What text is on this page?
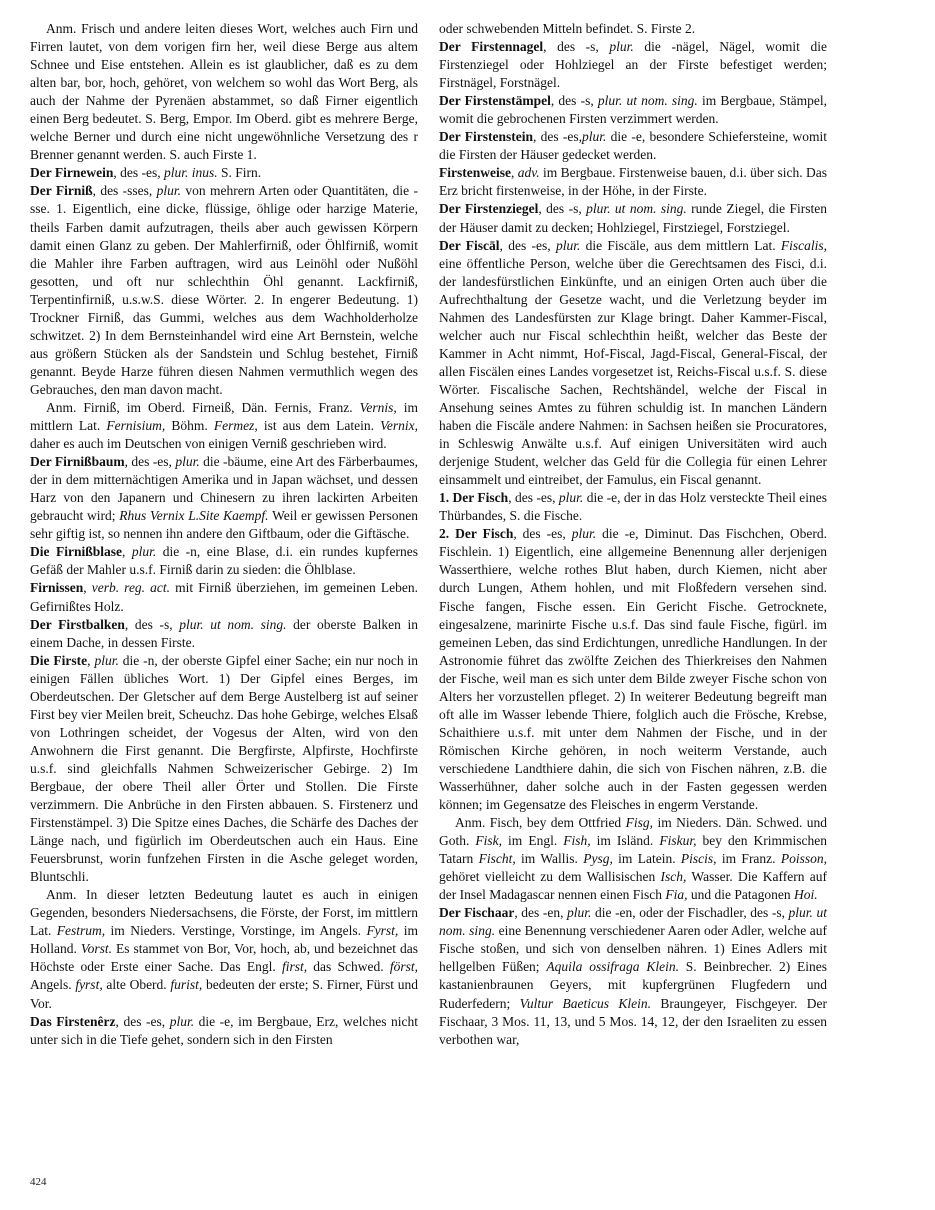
Anm. Frisch und andere leiten dieses Wort, welches auch Firn und Firren lautet, von dem vorigen firn her, weil diese Berge aus altem Schnee und Eise entstehen. Allein es ist glaublicher, daß es zu dem alten bar, bor, hoch, gehöret, von welchem so wohl das Wort Berg, als auch der Nahme der Pyrenäen abstammet, so daß Firner eigentlich einen Berg bedeutet. S. Berg, Empor. Im Oberd. gibt es mehrere Berge, welche Berner und durch eine nicht ungewöhnliche Versetzung des r Brenner genannt werden. S. auch Firste 1.

Der Firnewein, des -es, plur. inus. S. Firn.

Der Firniß, des -sses, plur. von mehrern Arten oder Quantitäten, die -sse. 1. Eigentlich, eine dicke, flüssige, öhlige oder harzige Materie, theils Farben damit aufzutragen, theils aber auch gewissen Körpern damit einen Glanz zu geben. Der Mahlerfirniß, oder Öhlfirniß, womit die Mahler ihre Farben auftragen, wird aus Leinöhl oder Nußöhl gesotten, und oft nur schlechthin Öhl genannt. Lackfirniß, Terpentinfirniß, u.s.w.S. diese Wörter. 2. In engerer Bedeutung. 1) Trockner Firniß, das Gummi, welches aus dem Wachholderholze schwitzet. 2) In dem Bernsteinhandel wird eine Art Bernstein, welche aus größern Stücken als der Sandstein und Schlug bestehet, Firniß genannt. Beyde Harze führen diesen Nahmen vermuthlich wegen des Gebrauches, den man davon macht.

Anm. Firniß, im Oberd. Firneiß, Dän. Fernis, Franz. Vernis, im mittlern Lat. Fernisium, Böhm. Fermez, ist aus dem Latein. Vernix, daher es auch im Deutschen von einigen Verniß geschrieben wird.

Der Firnißbaum, des -es, plur. die -bäume, eine Art des Färberbaumes, der in dem mitternächtigen Amerika und in Japan wächset, und dessen Harz von den Japanern und Chinesern zu ihren lackirten Arbeiten gebraucht wird; Rhus Vernix L.Site Kaempf. Weil er gewissen Personen sehr giftig ist, so nennen ihn andere den Giftbaum, oder die Giftäsche.

Die Firnißblase, plur. die -n, eine Blase, d.i. ein rundes kupfernes Gefäß der Mahler u.s.f. Firniß darin zu sieden: die Öhlblase.

Firnissen, verb. reg. act. mit Firniß überziehen, im gemeinen Leben. Gefirnißtes Holz.

Der Firstbalken, des -s, plur. ut nom. sing. der oberste Balken in einem Dache, in dessen Firste.

Die Firste, plur. die -n, der oberste Gipfel einer Sache; ein nur noch in einigen Fällen übliches Wort. 1) Der Gipfel eines Berges, im Oberdeutschen. Der Gletscher auf dem Berge Austelberg ist auf seiner First bey vier Meilen breit, Scheuchz. Das hohe Gebirge, welches Elsaß von Lothringen scheidet, der Vogesus der Alten, wird von den Anwohnern die First genannt. Die Bergfirste, Alpfirste, Hochfirste u.s.f. sind gleichfalls Nahmen Schweizerischer Gebirge. 2) Im Bergbaue, der obere Theil aller Örter und Stollen. Die Firste verzimmern. Die Anbrüche in den Firsten abbauen. S. Firstenerz und Firstenstämpel. 3) Die Spitze eines Daches, die Schärfe des Daches der Länge nach, und figürlich im Oberdeutschen auch ein Haus. Eine Feuersbrunst, worin funfzehen Firsten in die Asche geleget worden, Bluntschli.

Anm. In dieser letzten Bedeutung lautet es auch in einigen Gegenden, besonders Niedersachsens, die Förste, der Forst, im mittlern Lat. Festrum, im Nieders. Verstinge, Vorstinge, im Angels. Fyrst, im Holland. Vorst. Es stammet von Bor, Vor, hoch, ab, und bezeichnet das Höchste oder Erste einer Sache. Das Engl. first, das Schwed. först, Angels. fyrst, alte Oberd. furist, bedeuten der erste; S. Firner, Fürst und Vor.

Das Firstenêrz, des -es, plur. die -e, im Bergbaue, Erz, welches nicht unter sich in die Tiefe gehet, sondern sich in den Firsten

oder schwebenden Mitteln befindet. S. Firste 2.

Der Firstennagel, des -s, plur. die -nägel, Nägel, womit die Firstenziegel oder Hohlziegel an der Firste befestiget werden; Firstnägel, Forstnägel.

Der Firstenstämpel, des -s, plur. ut nom. sing. im Bergbaue, Stämpel, womit die gebrochenen Firsten verzimmert werden.

Der Firstenstein, des -es,plur. die -e, besondere Schiefersteine, womit die Firsten der Häuser gedecket werden.

Firstenweise, adv. im Bergbaue. Firstenweise bauen, d.i. über sich. Das Erz bricht firstenweise, in der Höhe, in der Firste.

Der Firstenziegel, des -s, plur. ut nom. sing. runde Ziegel, die Firsten der Häuser damit zu decken; Hohlziegel, Firstziegel, Forstziegel.

Der Fiscāl, des -es, plur. die Fiscäle, aus dem mittlern Lat. Fiscalis, eine öffentliche Person, welche über die Gerechtsamen des Fisci, d.i. der landesfürstlichen Einkünfte, und an einigen Orten auch über die Aufrechthaltung der Gesetze wacht, und die Verletzung beyder im Nahmen des Landesfürsten zur Klage bringt. Daher Kammer-Fiscal, welcher auch nur Fiscal schlechthin heißt, welcher das Beste der Kammer in Acht nimmt, Hof-Fiscal, Jagd-Fiscal, General-Fiscal, der allen Fiscälen eines Landes vorgesetzet ist, Reichs-Fiscal u.s.f. S. diese Wörter. Fiscalische Sachen, Rechtshändel, welche der Fiscal in Ansehung seines Amtes zu führen schuldig ist. In manchen Ländern haben die Fiscäle andere Nahmen: in Sachsen heißen sie Procuratores, in Schleswig Anwälte u.s.f. Auf einigen Universitäten wird auch derjenige Student, welcher das Geld für die Collegia für einen Lehrer einsammelt und eintreibet, der Famulus, ein Fiscal genannt.

1. Der Fisch, des -es, plur. die -e, der in das Holz versteckte Theil eines Thürbandes, S. die Fische.

2. Der Fisch, des -es, plur. die -e, Diminut. Das Fischchen, Oberd. Fischlein. 1) Eigentlich, eine allgemeine Benennung aller derjenigen Wasserthiere, welche rothes Blut haben, durch Kiemen, nicht aber durch Lungen, Athem hohlen, und mit Floßfedern versehen sind. Fische fangen, Fische essen. Ein Gericht Fische. Getrocknete, eingesalzene, marinirte Fische u.s.f. Das sind faule Fische, figürl. im gemeinen Leben, das sind Erdichtungen, unredliche Handlungen. In der Astronomie führet das zwölfte Zeichen des Thierkreises den Nahmen der Fische, weil man es sich unter dem Bilde zweyer Fische schon von Alters her vorzustellen pfleget. 2) In weiterer Bedeutung begreift man oft alle im Wasser lebende Thiere, folglich auch die Frösche, Krebse, Schaithiere u.s.f. mit unter dem Nahmen der Fische, und in der Römischen Kirche gehören, in noch weiterm Verstande, auch verschiedene Landthiere dahin, die sich von Fischen nähren, z.B. die Wasserhühner, daher solche auch in der Fasten gegessen werden können; im Gegensatze des Fleisches in engerm Verstande.

Anm. Fisch, bey dem Ottfried Fisg, im Nieders. Dän. Schwed. und Goth. Fisk, im Engl. Fish, im Isländ. Fiskur, bey den Krimmischen Tatarn Fischt, im Wallis. Pysg, im Latein. Piscis, im Franz. Poisson, gehöret vielleicht zu dem Wallisischen Isch, Wasser. Die Kaffern auf der Insel Madagascar nennen einen Fisch Fia, und die Patagonen Hoi.

Der Fischaar, des -en, plur. die -en, oder der Fischadler, des -s, plur. ut nom. sing. eine Benennung verschiedener Aaren oder Adler, welche auf Fische stoßen, und sich von denselben nähren. 1) Eines Adlers mit hellgelben Füßen; Aquila ossifraga Klein. S. Beinbrecher. 2) Eines kastanienbraunen Geyers, mit kupfergrünen Flugfedern und Ruderfedern; Vultur Baeticus Klein. Braungeyer, Fischgeyer. Der Fischaar, 3 Mos. 11, 13, und 5 Mos. 14, 12, der den Israeliten zu essen verbothen war,

424
